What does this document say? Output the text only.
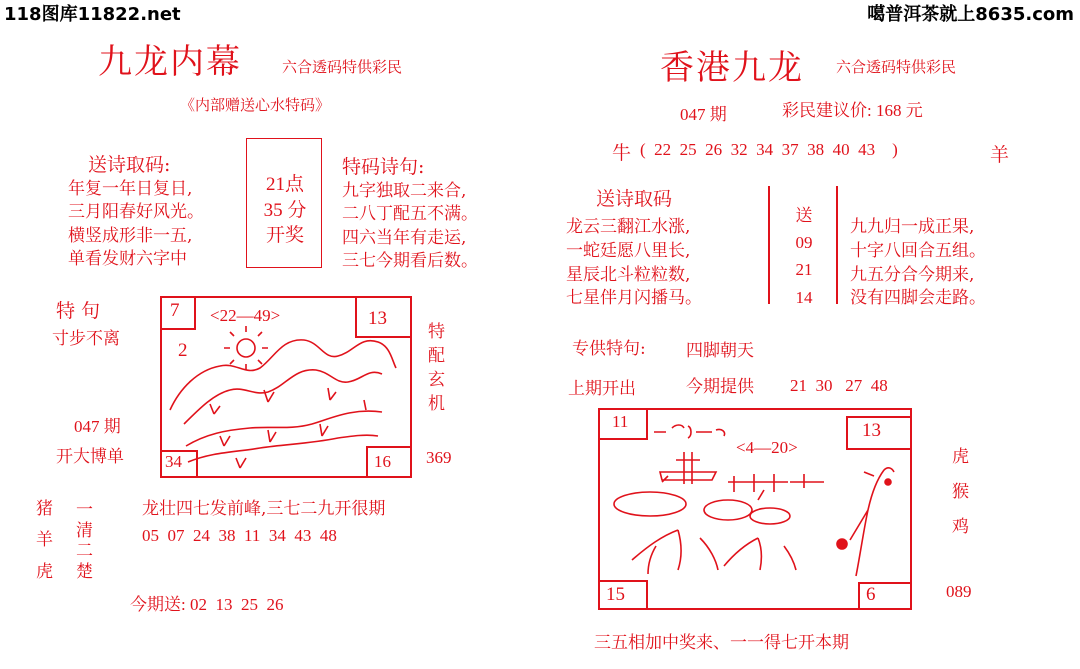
118图库11822.net	噶普洱茶就上8635.com
九龙内幕	六合透码特供彩民
《内部赠送心水特码》
送诗取码:
年复一年日复日,
三月阳春好风光。
横竖成形非一五,
单看发财六字中
21点
35 分
开奖
特码诗句:
九字独取二来合,
二八丁配五不满。
四六当年有走运,
三七今期看后数。
特 句
寸步不离
047 期
开大博单
7	13
34	16
<22—49>
2
特
配
玄
机
369
猪
羊
虎
一
清
二
楚
龙壮四七发前峰,三七二九开很期
05  07  24  38  11  34  43  48
今期送: 02  13  25  26
香港九龙 六合透码特供彩民
047 期	彩民建议价: 168 元
牛 (  22  25  26  32  34  37  38  40  43    )	羊
送诗取码
龙云三翻江水涨,
一蛇廷愿八里长,
星辰北斗粒粒数,
七星伴月闪播马。
送
09
21
14
九九归一成正果,
十字八回合五组。
九五分合今期来,
没有四脚会走路。
专供特句: 四脚朝天
上期开出	今期提供 21  30   27  48
11	13
15	6
<4—20>	虎
猴
鸡
089
三五相加中奖来、一一得七开本期
